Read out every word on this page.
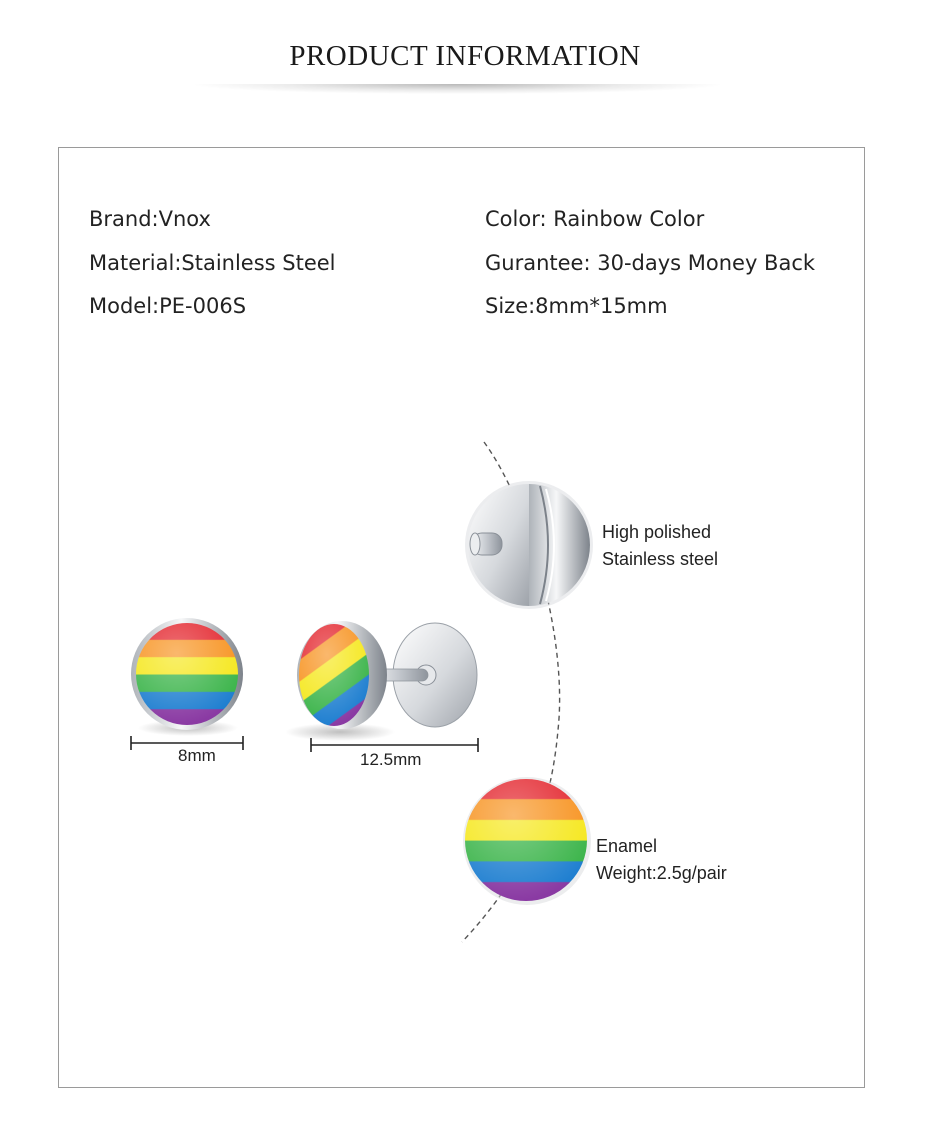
PRODUCT INFORMATION
Brand:Vnox
Material:Stainless Steel
Model:PE-006S
Color: Rainbow Color
Gurantee: 30-days Money Back
Size:8mm*15mm
8mm	12.5mm
High polished
Stainless steel
Enamel
Weight:2.5g/pair
